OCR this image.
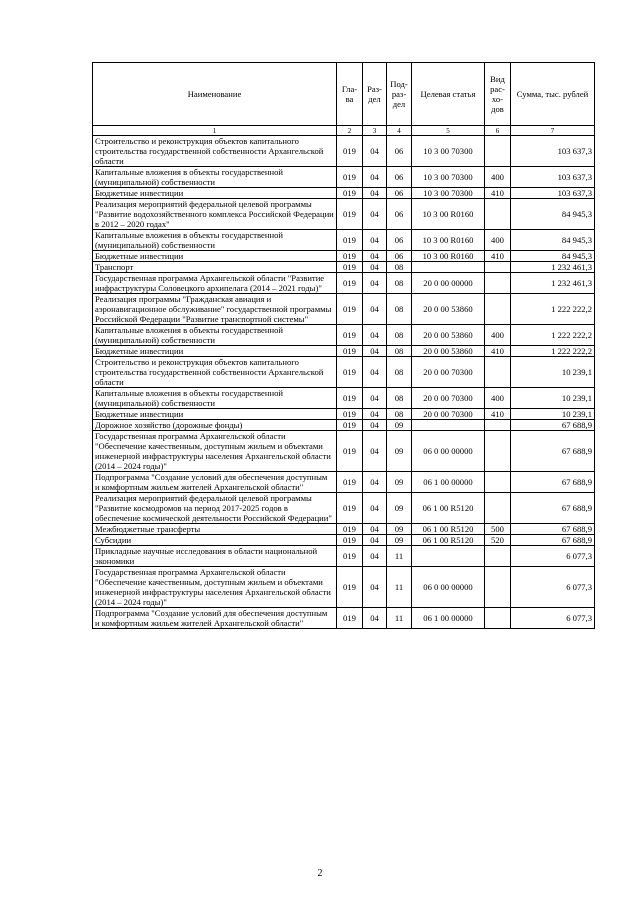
Наименование	Гла-ва	Раз-дел	Под-раз-дел	Целевая статья	Вид рас-хо-дов	Сумма, тыс. рублей
1	2	3	4	5	6	7
Строительство и реконструкция объектов капитального строительства государственной собственности Архангельской области	019	04	06	10 3 00 70300		103 637,3
Капитальные вложения в объекты государственной (муниципальной) собственности	019	04	06	10 3 00 70300	400	103 637,3
Бюджетные инвестиции	019	04	06	10 3 00 70300	410	103 637,3
Реализация мероприятий федеральной целевой программы "Развитие водохозяйственного комплекса Российской Федерации в 2012 – 2020 годах"	019	04	06	10 3 00 R0160		84 945,3
Капитальные вложения в объекты государственной (муниципальной) собственности	019	04	06	10 3 00 R0160	400	84 945,3
Бюджетные инвестиции	019	04	06	10 3 00 R0160	410	84 945,3
Транспорт	019	04	08			1 232 461,3
Государственная программа Архангельской области "Развитие инфраструктуры Соловецкого архипелага (2014 – 2021 годы)"	019	04	08	20 0 00 00000		1 232 461,3
Реализация программы "Гражданская авиация и аэронавигационное обслуживание" государственной программы Российской Федерации "Развитие транспортной системы"	019	04	08	20 0 00 53860		1 222 222,2
Капитальные вложения в объекты государственной (муниципальной) собственности	019	04	08	20 0 00 53860	400	1 222 222,2
Бюджетные инвестиции	019	04	08	20 0 00 53860	410	1 222 222,2
Строительство и реконструкция объектов капитального строительства государственной собственности Архангельской области	019	04	08	20 0 00 70300		10 239,1
Капитальные вложения в объекты государственной (муниципальной) собственности	019	04	08	20 0 00 70300	400	10 239,1
Бюджетные инвестиции	019	04	08	20 0 00 70300	410	10 239,1
Дорожное хозяйство (дорожные фонды)	019	04	09			67 688,9
Государственная программа Архангельской области "Обеспечение качественным, доступным жильем и объектами инженерной инфраструктуры населения Архангельской области (2014 – 2024 годы)"	019	04	09	06 0 00 00000		67 688,9
Подпрограмма "Создание условий для обеспечения доступным и комфортным жильем жителей Архангельской области"	019	04	09	06 1 00 00000		67 688,9
Реализация мероприятий федеральной целевой программы "Развитие космодромов на период 2017-2025 годов в обеспечение космической деятельности Российской Федерации"	019	04	09	06 1 00 R5120		67 688,9
Межбюджетные трансферты	019	04	09	06 1 00 R5120	500	67 688,9
Субсидии	019	04	09	06 1 00 R5120	520	67 688,9
Прикладные научные исследования в области национальной экономики	019	04	11			6 077,3
Государственная программа Архангельской области "Обеспечение качественным, доступным жильем и объектами инженерной инфраструктуры населения Архангельской области (2014 – 2024 годы)"	019	04	11	06 0 00 00000		6 077,3
Подпрограмма "Создание условий для обеспечения доступным и комфортным жильем жителей Архангельской области"	019	04	11	06 1 00 00000		6 077,3
2
